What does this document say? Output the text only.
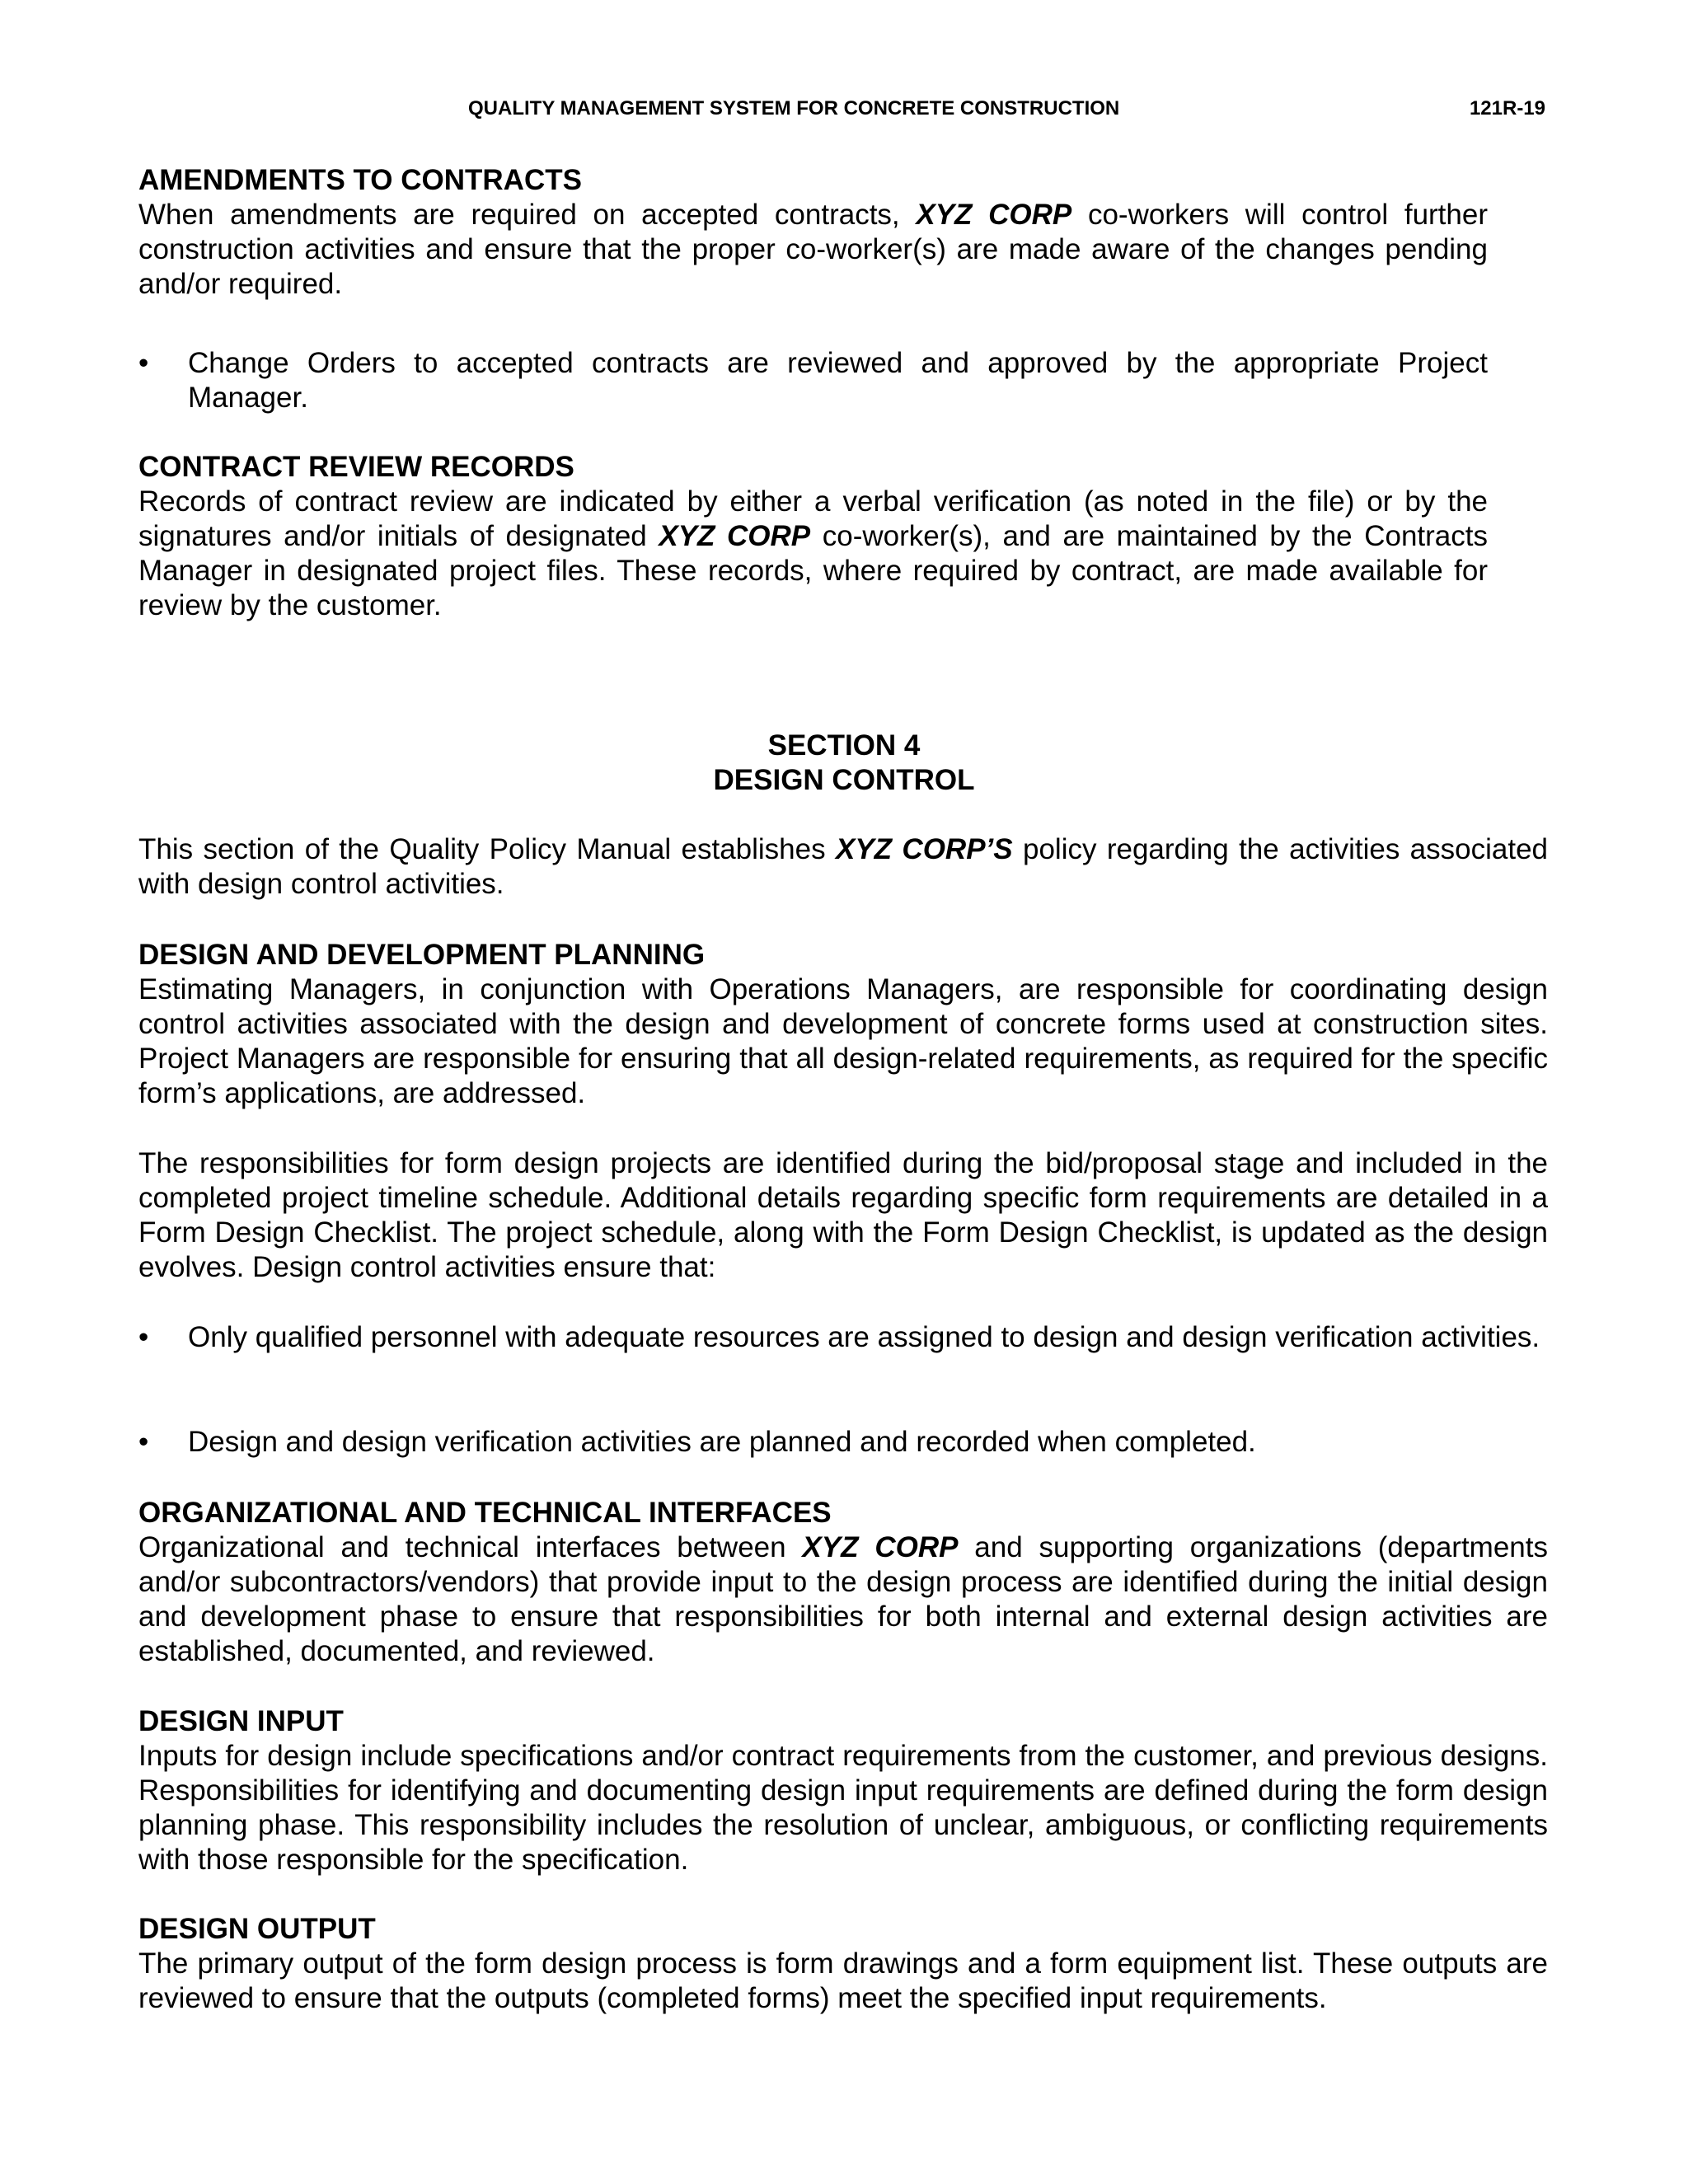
QUALITY MANAGEMENT SYSTEM FOR CONCRETE CONSTRUCTION	121R-19
AMENDMENTS TO CONTRACTS
When amendments are required on accepted contracts, XYZ CORP co-workers will control further construction activities and ensure that the proper co-worker(s) are made aware of the changes pending and/or required.
• Change Orders to accepted contracts are reviewed and approved by the appropriate Project Manager.
CONTRACT REVIEW RECORDS
Records of contract review are indicated by either a verbal verification (as noted in the file) or by the signatures and/or initials of designated XYZ CORP co-worker(s), and are maintained by the Contracts Manager in designated project files. These records, where required by contract, are made available for review by the customer.
SECTION 4
DESIGN CONTROL
This section of the Quality Policy Manual establishes XYZ CORP’S policy regarding the activities associated with design control activities.
DESIGN AND DEVELOPMENT PLANNING
Estimating Managers, in conjunction with Operations Managers, are responsible for coordinating design control activities associated with the design and development of concrete forms used at construction sites. Project Managers are responsible for ensuring that all design-related requirements, as required for the specific form’s applications, are addressed.
The responsibilities for form design projects are identified during the bid/proposal stage and included in the completed project timeline schedule. Additional details regarding specific form requirements are detailed in a Form Design Checklist. The project schedule, along with the Form Design Checklist, is updated as the design evolves. Design control activities ensure that:
• Only qualified personnel with adequate resources are assigned to design and design verification activities.
• Design and design verification activities are planned and recorded when completed.
ORGANIZATIONAL AND TECHNICAL INTERFACES
Organizational and technical interfaces between XYZ CORP and supporting organizations (departments and/or subcontractors/vendors) that provide input to the design process are identified during the initial design and development phase to ensure that responsibilities for both internal and external design activities are established, documented, and reviewed.
DESIGN INPUT
Inputs for design include specifications and/or contract requirements from the customer, and previous designs. Responsibilities for identifying and documenting design input requirements are defined during the form design planning phase. This responsibility includes the resolution of unclear, ambiguous, or conflicting requirements with those responsible for the specification.
DESIGN OUTPUT
The primary output of the form design process is form drawings and a form equipment list. These outputs are reviewed to ensure that the outputs (completed forms) meet the specified input requirements.
